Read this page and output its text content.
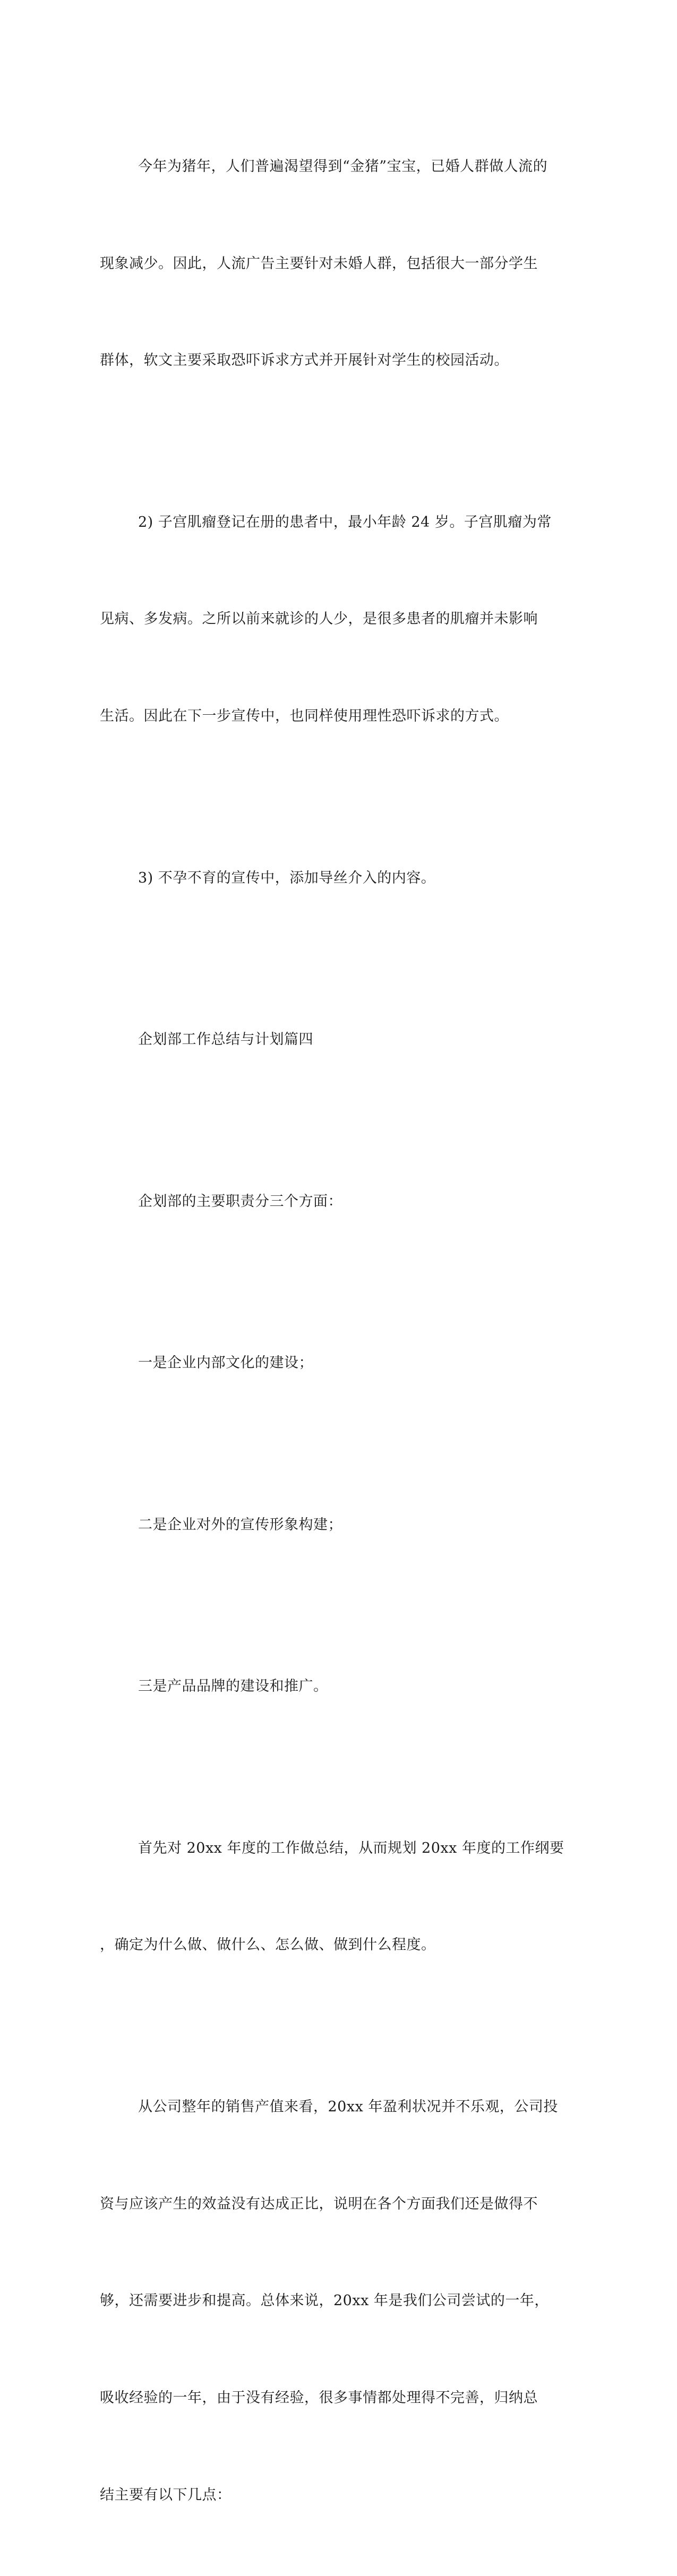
今年为猪年，人们普遍渴望得到“金猪”宝宝，已婚人群做人流的

现象减少。因此，人流广告主要针对未婚人群，包括很大一部分学生

群体，软文主要采取恐吓诉求方式并开展针对学生的校园活动。

2) 子宫肌瘤登记在册的患者中，最小年龄 24 岁。子宫肌瘤为常

见病、多发病。之所以前来就诊的人少，是很多患者的肌瘤并未影响

生活。因此在下一步宣传中，也同样使用理性恐吓诉求的方式。

3) 不孕不育的宣传中，添加导丝介入的内容。

企划部工作总结与计划篇四

企划部的主要职责分三个方面：

一是企业内部文化的建设；

二是企业对外的宣传形象构建；

三是产品品牌的建设和推广。

首先对 20xx 年度的工作做总结，从而规划 20xx 年度的工作纲要

，确定为什么做、做什么、怎么做、做到什么程度。

从公司整年的销售产值来看，20xx 年盈利状况并不乐观，公司投

资与应该产生的效益没有达成正比，说明在各个方面我们还是做得不

够，还需要进步和提高。总体来说，20xx 年是我们公司尝试的一年，

吸收经验的一年，由于没有经验，很多事情都处理得不完善，归纳总

结主要有以下几点：
